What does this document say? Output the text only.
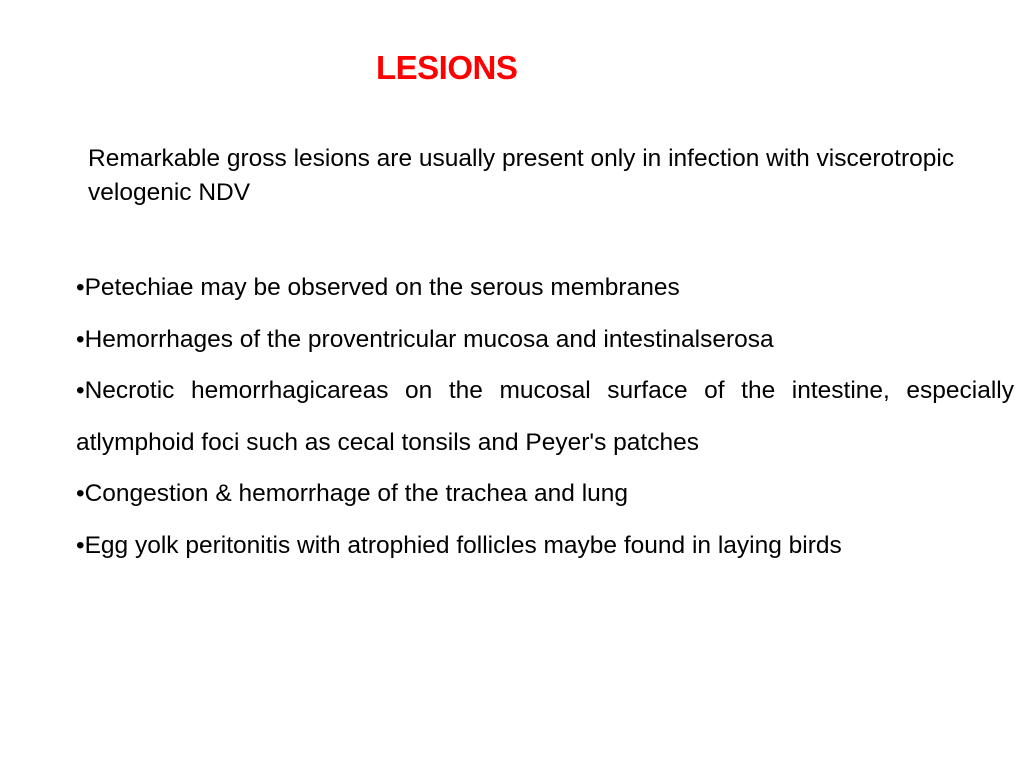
LESIONS

Remarkable gross lesions are usually present only in infection with viscerotropic velogenic NDV

•Petechiae may be observed on the serous membranes
•Hemorrhages of the proventricular mucosa and intestinalserosa
•Necrotic hemorrhagicareas on the mucosal surface of the intestine, especially atlymphoid foci such as cecal tonsils and Peyer's patches
•Congestion & hemorrhage of the trachea and lung
•Egg yolk peritonitis with atrophied follicles maybe found in laying birds
